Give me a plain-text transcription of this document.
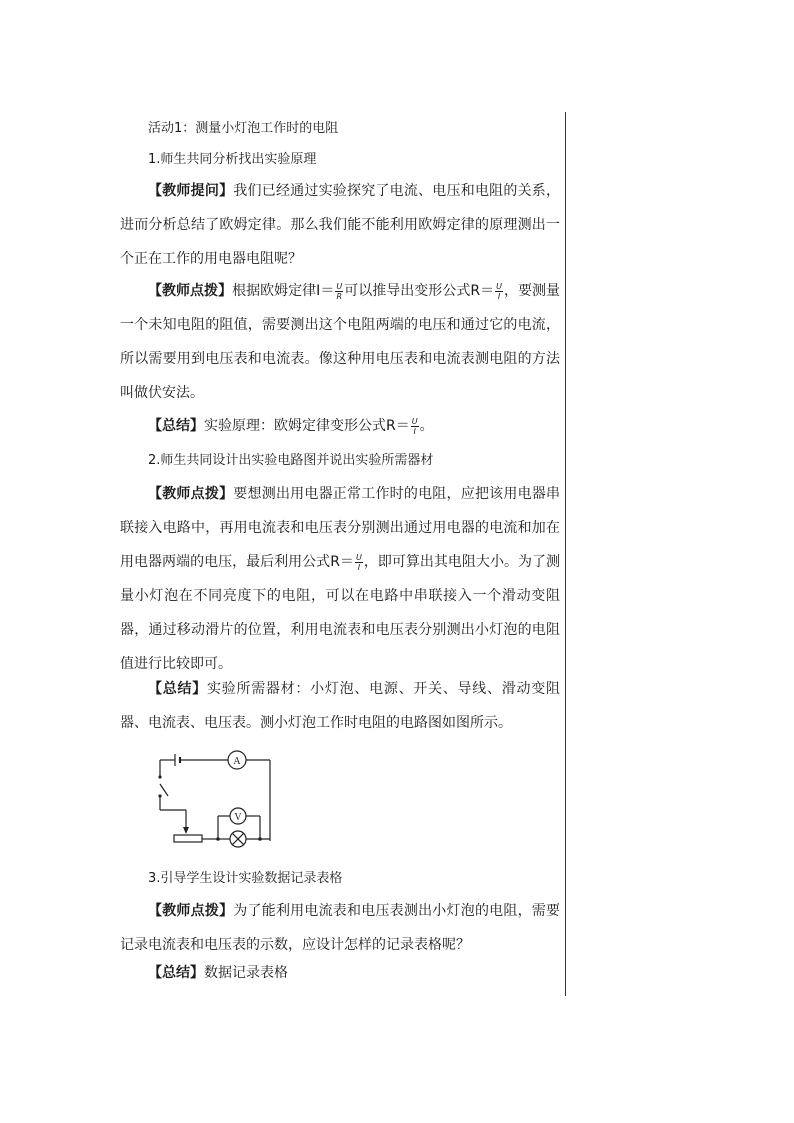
活动1：测量小灯泡工作时的电阻

1.师生共同分析找出实验原理

【教师提问】我们已经通过实验探究了电流、电压和电阻的关系，进而分析总结了欧姆定律。那么我们能不能利用欧姆定律的原理测出一个正在工作的用电器电阻呢？

【教师点拨】根据欧姆定律$I= \frac{U}{R}$ 可以推导出变形公式$R= \frac{U}{I}$ ，要测量一个未知电阻的阻值，需要测出这个电阻两端的电压和通过它的电流，所以需要用到电压表和电流表。像这种用电压表和电流表测电阻的方法叫做伏安法。

【总结】实验原理：欧姆定律变形公式$R= \frac{U}{I}$ 。

2.师生共同设计出实验电路图并说出实验所需器材

【教师点拨】要想测出用电器正常工作时的电阻，应把该用电器串联接入电路中，再用电流表和电压表分别测出通过用电器的电流和加在用电器两端的电压，最后利用公式$R= \frac{U}{I}$ ，即可算出其电阻大小。为了测量小灯泡在不同亮度下的电阻，可以在电路中串联接入一个滑动变阻器，通过移动滑片的位置，利用电流表和电压表分别测出小灯泡的电阻值进行比较即可。

【总结】实验所需器材：小灯泡、电源、开关、导线、滑动变阻器、电流表、电压表。测小灯泡工作时电阻的电路图如图所示。

A
V

3.引导学生设计实验数据记录表格

【教师点拨】为了能利用电流表和电压表测出小灯泡的电阻，需要记录电流表和电压表的示数，应设计怎样的记录表格呢？

【总结】数据记录表格
